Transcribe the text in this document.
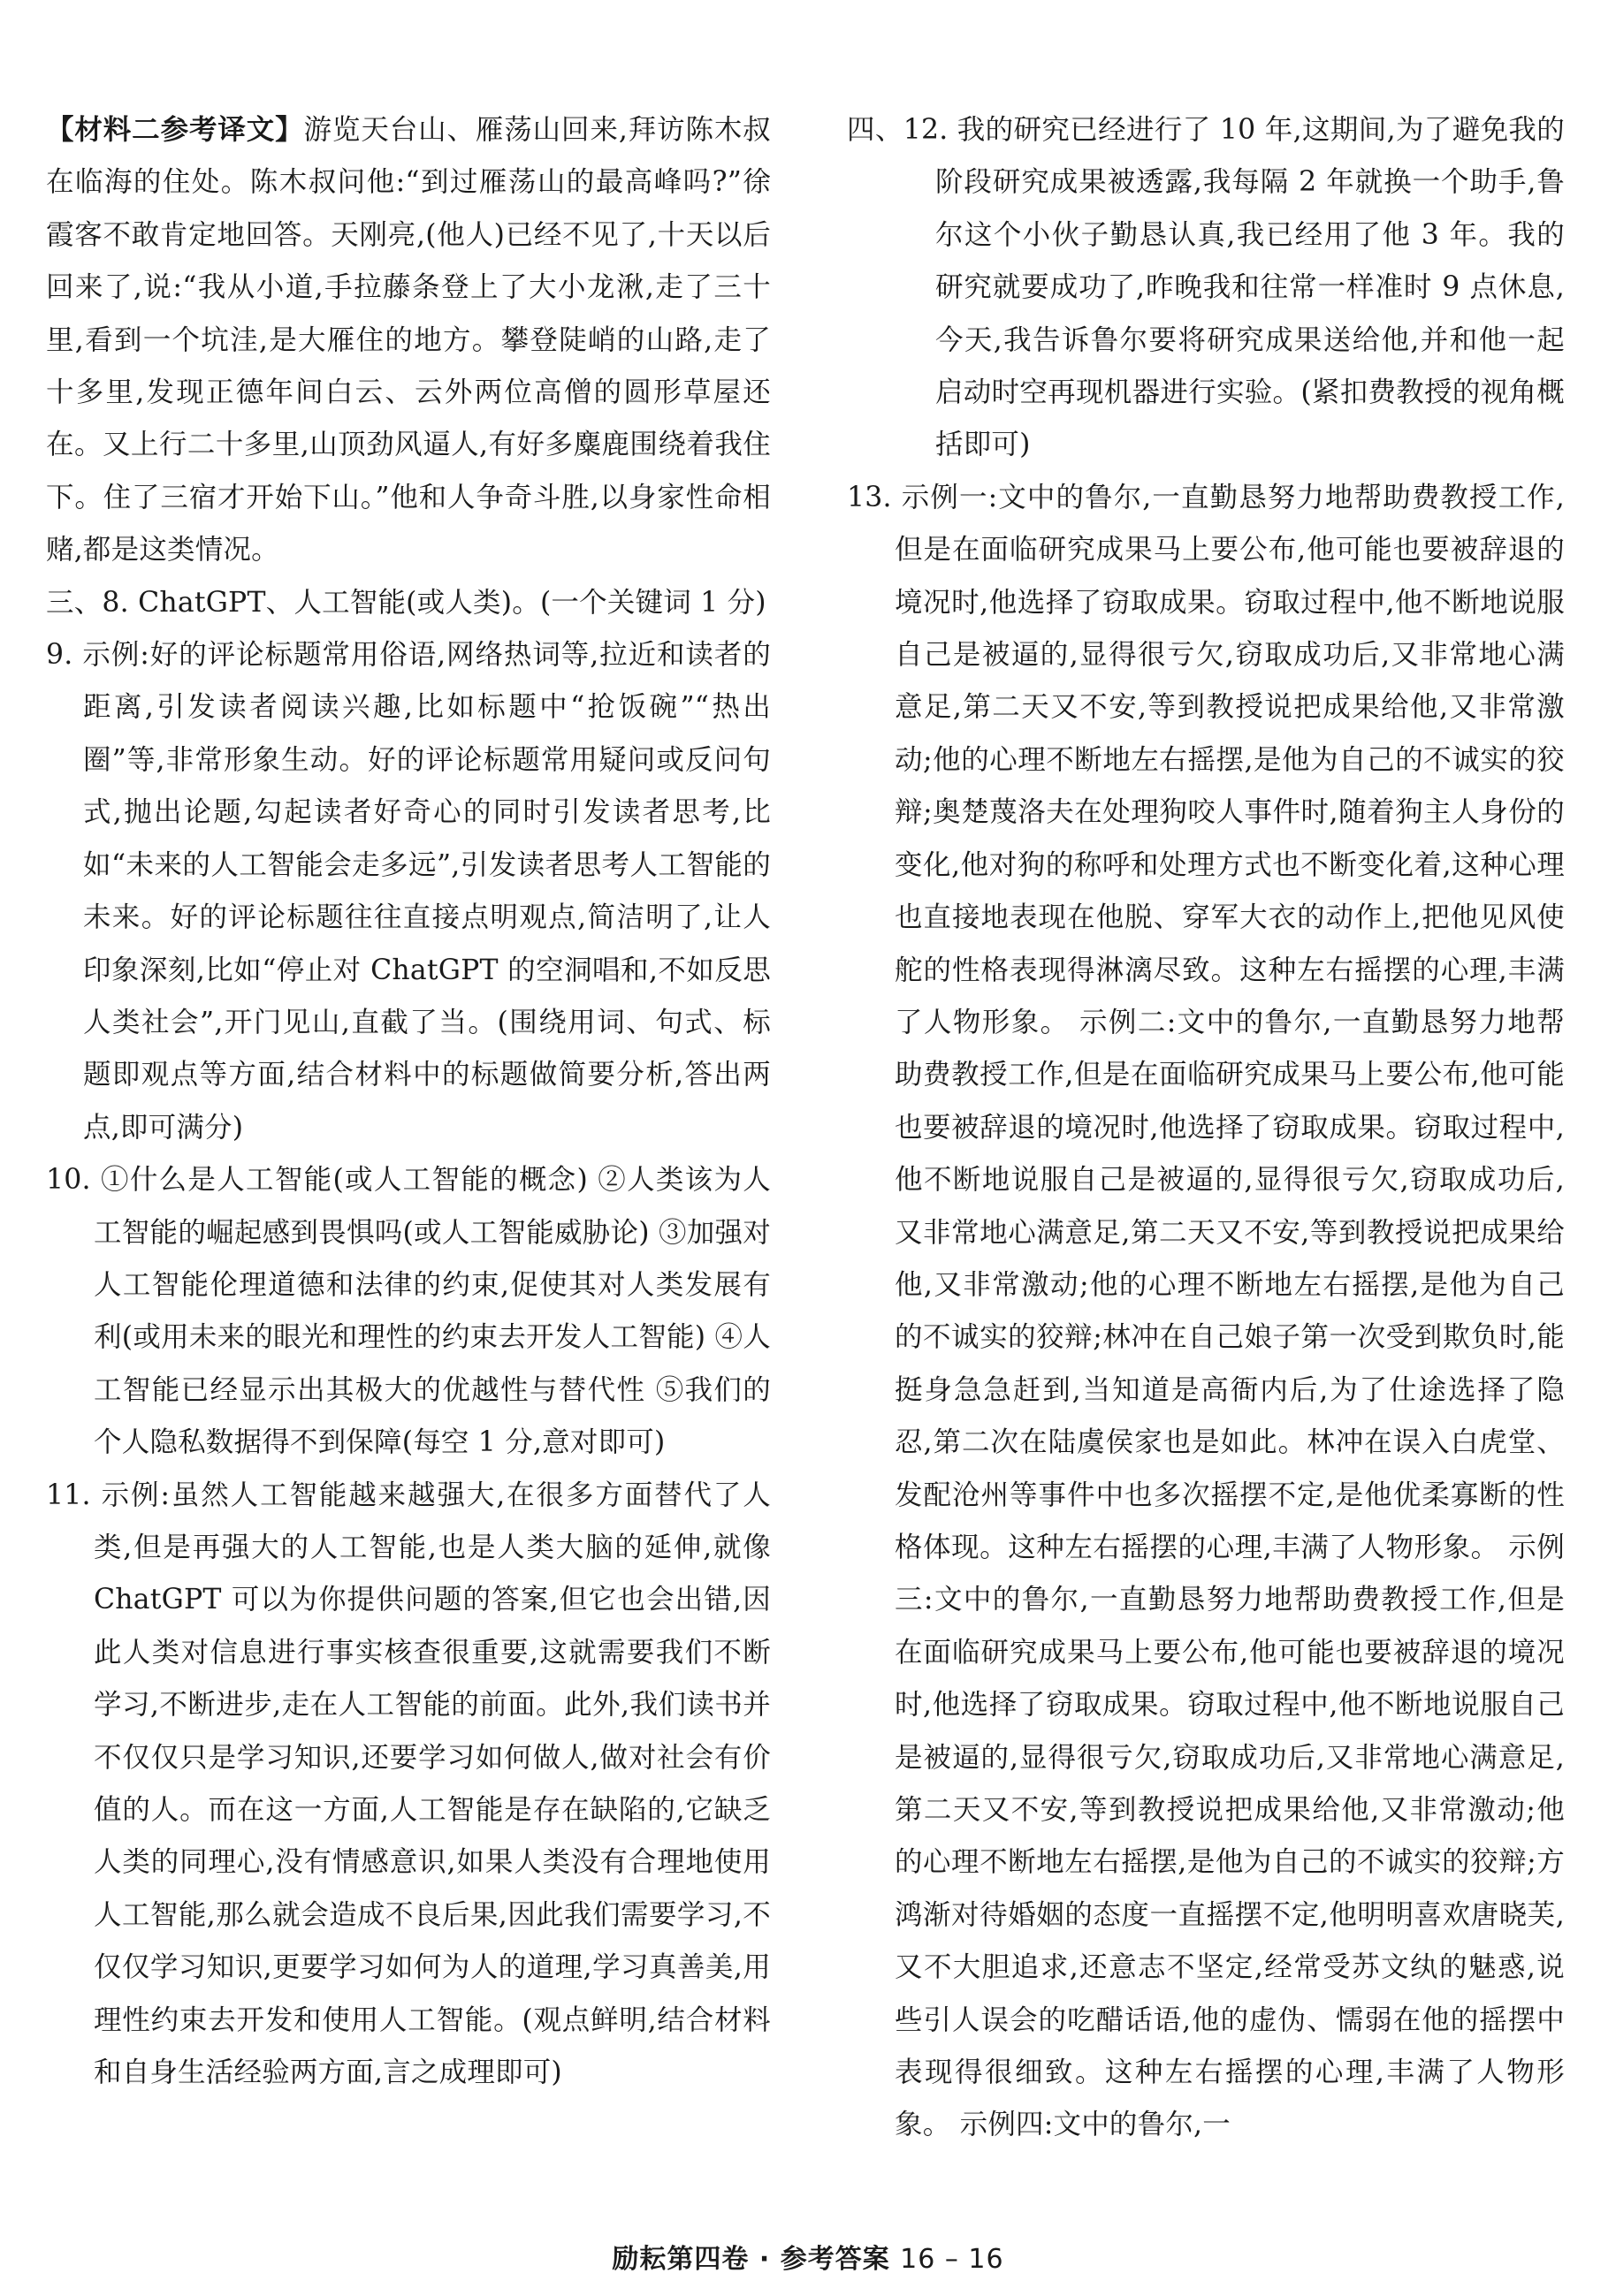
【材料二参考译文】游览天台山、雁荡山回来,拜访陈木叔在临海的住处。陈木叔问他:“到过雁荡山的最高峰吗?”徐霞客不敢肯定地回答。天刚亮,(他人)已经不见了,十天以后回来了,说:“我从小道,手拉藤条登上了大小龙湫,走了三十里,看到一个坑洼,是大雁住的地方。攀登陡峭的山路,走了十多里,发现正德年间白云、云外两位高僧的圆形草屋还在。又上行二十多里,山顶劲风逼人,有好多麋鹿围绕着我住下。住了三宿才开始下山。”他和人争奇斗胜,以身家性命相赌,都是这类情况。

三、8. ChatGPT、人工智能(或人类)。(一个关键词 1 分)

9. 示例:好的评论标题常用俗语,网络热词等,拉近和读者的距离,引发读者阅读兴趣,比如标题中“抢饭碗”“热出圈”等,非常形象生动。好的评论标题常用疑问或反问句式,抛出论题,勾起读者好奇心的同时引发读者思考,比如“未来的人工智能会走多远”,引发读者思考人工智能的未来。好的评论标题往往直接点明观点,简洁明了,让人印象深刻,比如“停止对 ChatGPT 的空洞唱和,不如反思人类社会”,开门见山,直截了当。(围绕用词、句式、标题即观点等方面,结合材料中的标题做简要分析,答出两点,即可满分)

10. ①什么是人工智能(或人工智能的概念) ②人类该为人工智能的崛起感到畏惧吗(或人工智能威胁论) ③加强对人工智能伦理道德和法律的约束,促使其对人类发展有利(或用未来的眼光和理性的约束去开发人工智能) ④人工智能已经显示出其极大的优越性与替代性 ⑤我们的个人隐私数据得不到保障(每空 1 分,意对即可)

11. 示例:虽然人工智能越来越强大,在很多方面替代了人类,但是再强大的人工智能,也是人类大脑的延伸,就像 ChatGPT 可以为你提供问题的答案,但它也会出错,因此人类对信息进行事实核查很重要,这就需要我们不断学习,不断进步,走在人工智能的前面。此外,我们读书并不仅仅只是学习知识,还要学习如何做人,做对社会有价值的人。而在这一方面,人工智能是存在缺陷的,它缺乏人类的同理心,没有情感意识,如果人类没有合理地使用人工智能,那么就会造成不良后果,因此我们需要学习,不仅仅学习知识,更要学习如何为人的道理,学习真善美,用理性约束去开发和使用人工智能。(观点鲜明,结合材料和自身生活经验两方面,言之成理即可)

四、12. 我的研究已经进行了 10 年,这期间,为了避免我的阶段研究成果被透露,我每隔 2 年就换一个助手,鲁尔这个小伙子勤恳认真,我已经用了他 3 年。我的研究就要成功了,昨晚我和往常一样准时 9 点休息,今天,我告诉鲁尔要将研究成果送给他,并和他一起启动时空再现机器进行实验。(紧扣费教授的视角概括即可)

13. 示例一:文中的鲁尔,一直勤恳努力地帮助费教授工作,但是在面临研究成果马上要公布,他可能也要被辞退的境况时,他选择了窃取成果。窃取过程中,他不断地说服自己是被逼的,显得很亏欠,窃取成功后,又非常地心满意足,第二天又不安,等到教授说把成果给他,又非常激动;他的心理不断地左右摇摆,是他为自己的不诚实的狡辩;奥楚蔑洛夫在处理狗咬人事件时,随着狗主人身份的变化,他对狗的称呼和处理方式也不断变化着,这种心理也直接地表现在他脱、穿军大衣的动作上,把他见风使舵的性格表现得淋漓尽致。这种左右摇摆的心理,丰满了人物形象。 示例二:文中的鲁尔,一直勤恳努力地帮助费教授工作,但是在面临研究成果马上要公布,他可能也要被辞退的境况时,他选择了窃取成果。窃取过程中,他不断地说服自己是被逼的,显得很亏欠,窃取成功后,又非常地心满意足,第二天又不安,等到教授说把成果给他,又非常激动;他的心理不断地左右摇摆,是他为自己的不诚实的狡辩;林冲在自己娘子第一次受到欺负时,能挺身急急赶到,当知道是高衙内后,为了仕途选择了隐忍,第二次在陆虞侯家也是如此。林冲在误入白虎堂、发配沧州等事件中也多次摇摆不定,是他优柔寡断的性格体现。这种左右摇摆的心理,丰满了人物形象。 示例三:文中的鲁尔,一直勤恳努力地帮助费教授工作,但是在面临研究成果马上要公布,他可能也要被辞退的境况时,他选择了窃取成果。窃取过程中,他不断地说服自己是被逼的,显得很亏欠,窃取成功后,又非常地心满意足,第二天又不安,等到教授说把成果给他,又非常激动;他的心理不断地左右摇摆,是他为自己的不诚实的狡辩;方鸿渐对待婚姻的态度一直摇摆不定,他明明喜欢唐晓芙,又不大胆追求,还意志不坚定,经常受苏文纨的魅惑,说些引人误会的吃醋话语,他的虚伪、懦弱在他的摇摆中表现得很细致。这种左右摇摆的心理,丰满了人物形象。 示例四:文中的鲁尔,一

励耘第四卷 · 参考答案 16 – 16
